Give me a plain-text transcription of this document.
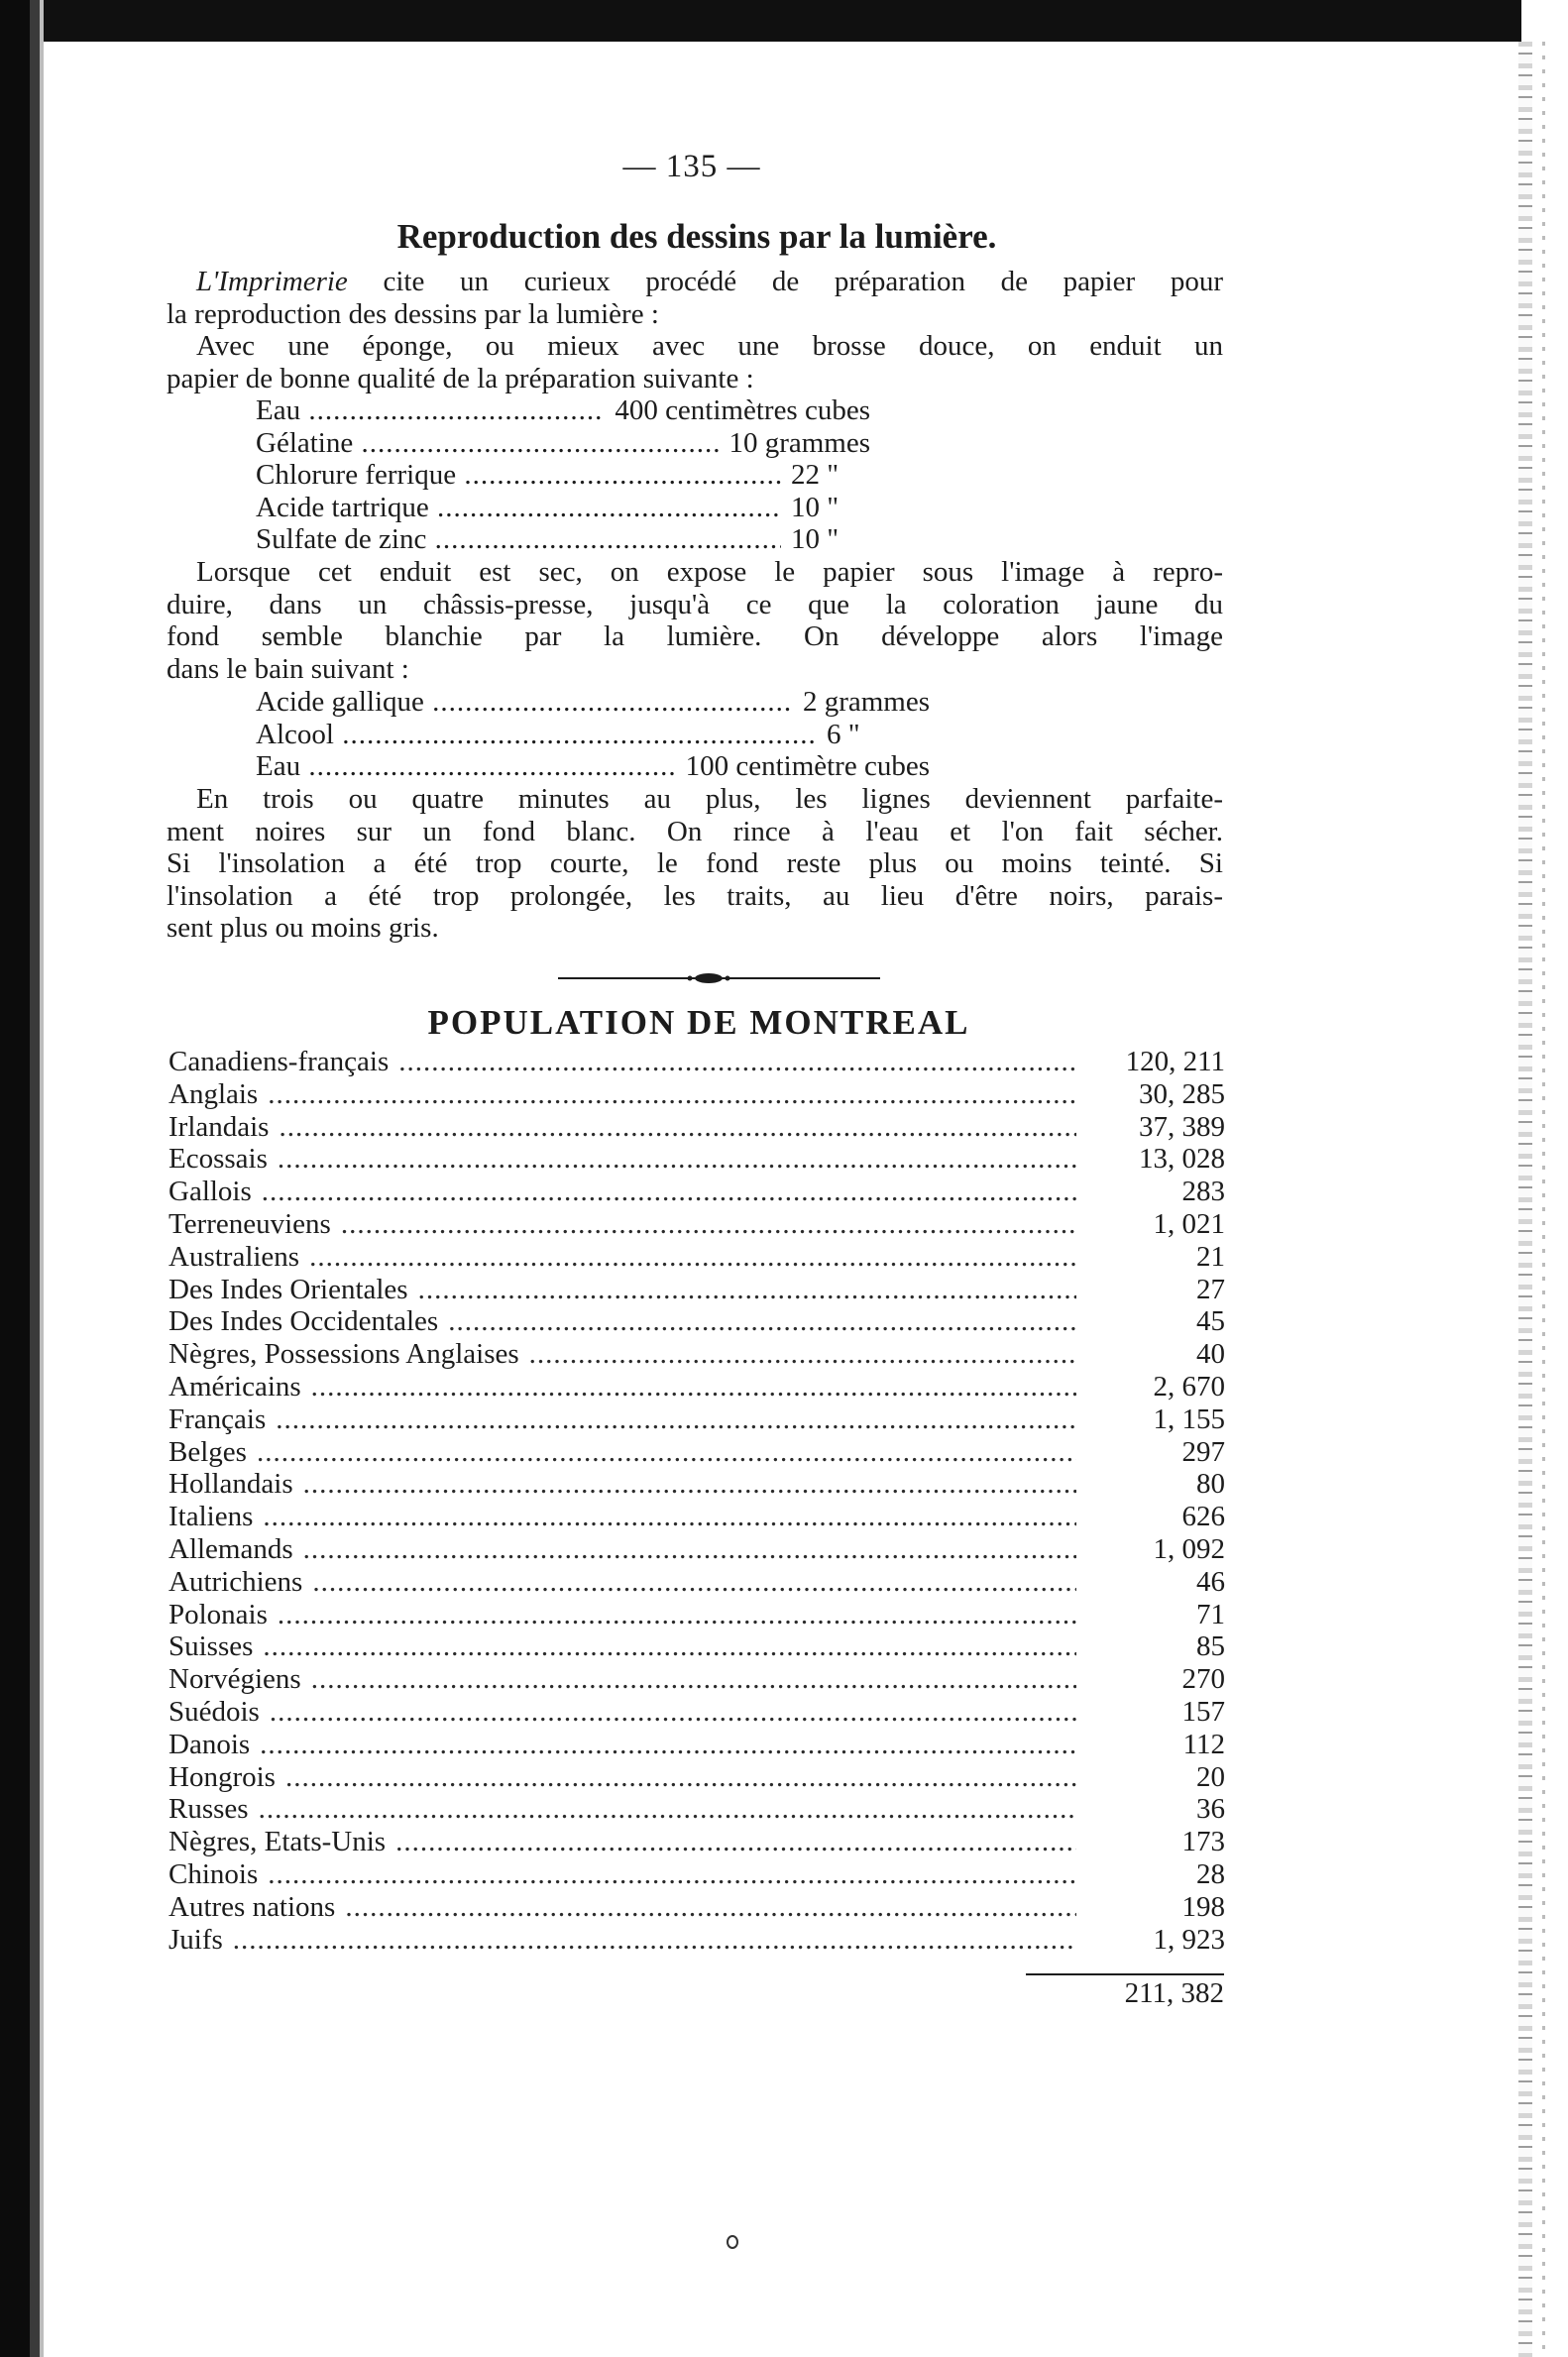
— 135 —
Reproduction des dessins par la lumière.
L'Imprimerie cite un curieux procédé de préparation de papier pour
la reproduction des dessins par la lumière :
Avec une éponge, ou mieux avec une brosse douce, on enduit un
papier de bonne qualité de la préparation suivante :
Eau .....	400 centimètres cubes
Gélatine .....	10 grammes
Chlorure ferrique .....	22 "
Acide tartrique .....	10 "
Sulfate de zinc .....	10 "
Lorsque cet enduit est sec, on expose le papier sous l'image à repro-
duire, dans un châssis-presse, jusqu'à ce que la coloration jaune du
fond semble blanchie par la lumière. On développe alors l'image
dans le bain suivant :
Acide gallique .....	2 grammes
Alcool .....	6 "
Eau .....	100 centimètre cubes
En trois ou quatre minutes au plus, les lignes deviennent parfaite-
ment noires sur un fond blanc. On rince à l'eau et l'on fait sécher.
Si l'insolation a été trop courte, le fond reste plus ou moins teinté. Si
l'insolation a été trop prolongée, les traits, au lieu d'être noirs, parais-
sent plus ou moins gris.
POPULATION DE MONTREAL
Canadiens-français .....	120, 211
Anglais .....	30, 285
Irlandais .....	37, 389
Ecossais .....	13, 028
Gallois .....	283
Terreneuviens .....	1, 021
Australiens .....	21
Des Indes Orientales .....	27
Des Indes Occidentales .....	45
Nègres, Possessions Anglaises .....	40
Américains .....	2, 670
Français .....	1, 155
Belges .....	297
Hollandais .....	80
Italiens .....	626
Allemands .....	1, 092
Autrichiens .....	46
Polonais .....	71
Suisses .....	85
Norvégiens .....	270
Suédois .....	157
Danois .....	112
Hongrois .....	20
Russes .....	36
Nègres, Etats-Unis .....	173
Chinois .....	28
Autres nations .....	198
Juifs .....	1, 923
211, 382
